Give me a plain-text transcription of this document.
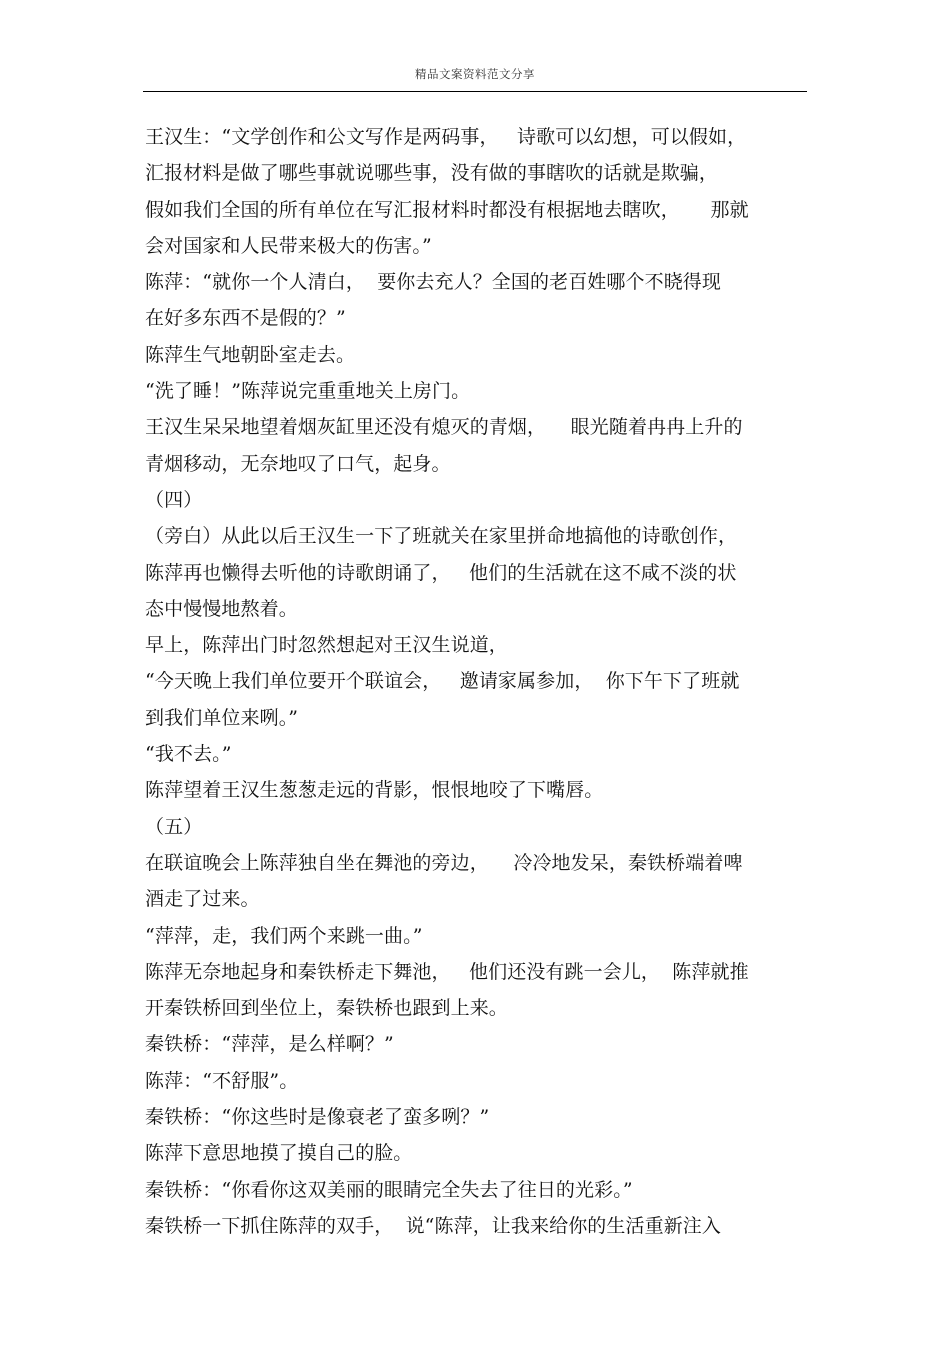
精品文案资料范文分享
王汉生：“文学创作和公文写作是两码事，   诗歌可以幻想，可以假如，
汇报材料是做了哪些事就说哪些事，没有做的事瞎吹的话就是欺骗，
假如我们全国的所有单位在写汇报材料时都没有根据地去瞎吹，     那就
会对国家和人民带来极大的伤害。”
陈萍：“就你一个人清白，  要你去充人？全国的老百姓哪个不晓得现
在好多东西不是假的？”
陈萍生气地朝卧室走去。
“洗了睡！”陈萍说完重重地关上房门。
王汉生呆呆地望着烟灰缸里还没有熄灭的青烟，    眼光随着冉冉上升的
青烟移动，无奈地叹了口气，起身。
（四）
（旁白）从此以后王汉生一下了班就关在家里拼命地搞他的诗歌创作，
陈萍再也懒得去听他的诗歌朗诵了，   他们的生活就在这不咸不淡的状
态中慢慢地熬着。
早上，陈萍出门时忽然想起对王汉生说道，
“今天晚上我们单位要开个联谊会，   邀请家属参加，  你下午下了班就
到我们单位来咧。”
“我不去。”
陈萍望着王汉生葱葱走远的背影，恨恨地咬了下嘴唇。
（五）
在联谊晚会上陈萍独自坐在舞池的旁边，    冷冷地发呆，秦铁桥端着啤
酒走了过来。
“萍萍，走，我们两个来跳一曲。”
陈萍无奈地起身和秦铁桥走下舞池，   他们还没有跳一会儿，  陈萍就推
开秦铁桥回到坐位上，秦铁桥也跟到上来。
秦铁桥：“萍萍，是么样啊？”
陈萍：“不舒服”。
秦铁桥：“你这些时是像衰老了蛮多咧？”
陈萍下意思地摸了摸自己的脸。
秦铁桥：“你看你这双美丽的眼睛完全失去了往日的光彩。”
秦铁桥一下抓住陈萍的双手，  说“陈萍，让我来给你的生活重新注入
